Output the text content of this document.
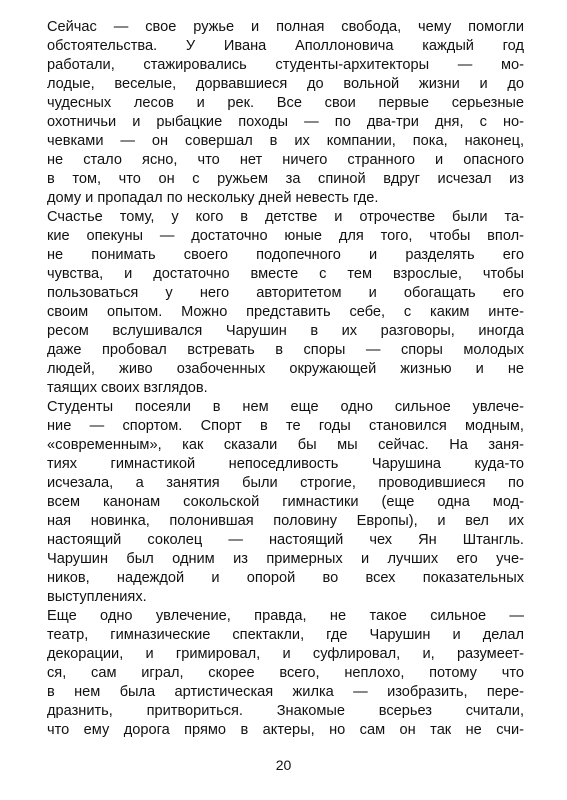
Сейчас — свое ружье и полная свобода, чему помогли
обстоятельства. У Ивана Аполлоновича каждый год
работали, стажировались студенты-архитекторы — мо-
лодые, веселые, дорвавшиеся до вольной жизни и до
чудесных лесов и рек. Все свои первые серьезные
охотничьи и рыбацкие походы — по два-три дня, с но-
чевками — он совершал в их компании, пока, наконец,
не стало ясно, что нет ничего странного и опасного
в том, что он с ружьем за спиной вдруг исчезал из
дому и пропадал по нескольку дней невесть где.
Счастье тому, у кого в детстве и отрочестве были та-
кие опекуны — достаточно юные для того, чтобы впол-
не понимать своего подопечного и разделять его
чувства, и достаточно вместе с тем взрослые, чтобы
пользоваться у него авторитетом и обогащать его
своим опытом. Можно представить себе, с каким инте-
ресом вслушивался Чарушин в их разговоры, иногда
даже пробовал встревать в споры — споры молодых
людей, живо озабоченных окружающей жизнью и не
таящих своих взглядов.
Студенты посеяли в нем еще одно сильное увлече-
ние — спортом. Спорт в те годы становился модным,
«современным», как сказали бы мы сейчас. На заня-
тиях гимнастикой непоседливость Чарушина куда-то
исчезала, а занятия были строгие, проводившиеся по
всем канонам сокольской гимнастики (еще одна мод-
ная новинка, полонившая половину Европы), и вел их
настоящий соколец — настоящий чех Ян Штангль.
Чарушин был одним из примерных и лучших его уче-
ников, надеждой и опорой во всех показательных
выступлениях.
Еще одно увлечение, правда, не такое сильное —
театр, гимназические спектакли, где Чарушин и делал
декорации, и гримировал, и суфлировал, и, разумеет-
ся, сам играл, скорее всего, неплохо, потому что
в нем была артистическая жилка — изобразить, пере-
дразнить, притвориться. Знакомые всерьез считали,
что ему дорога прямо в актеры, но сам он так не счи-
20
